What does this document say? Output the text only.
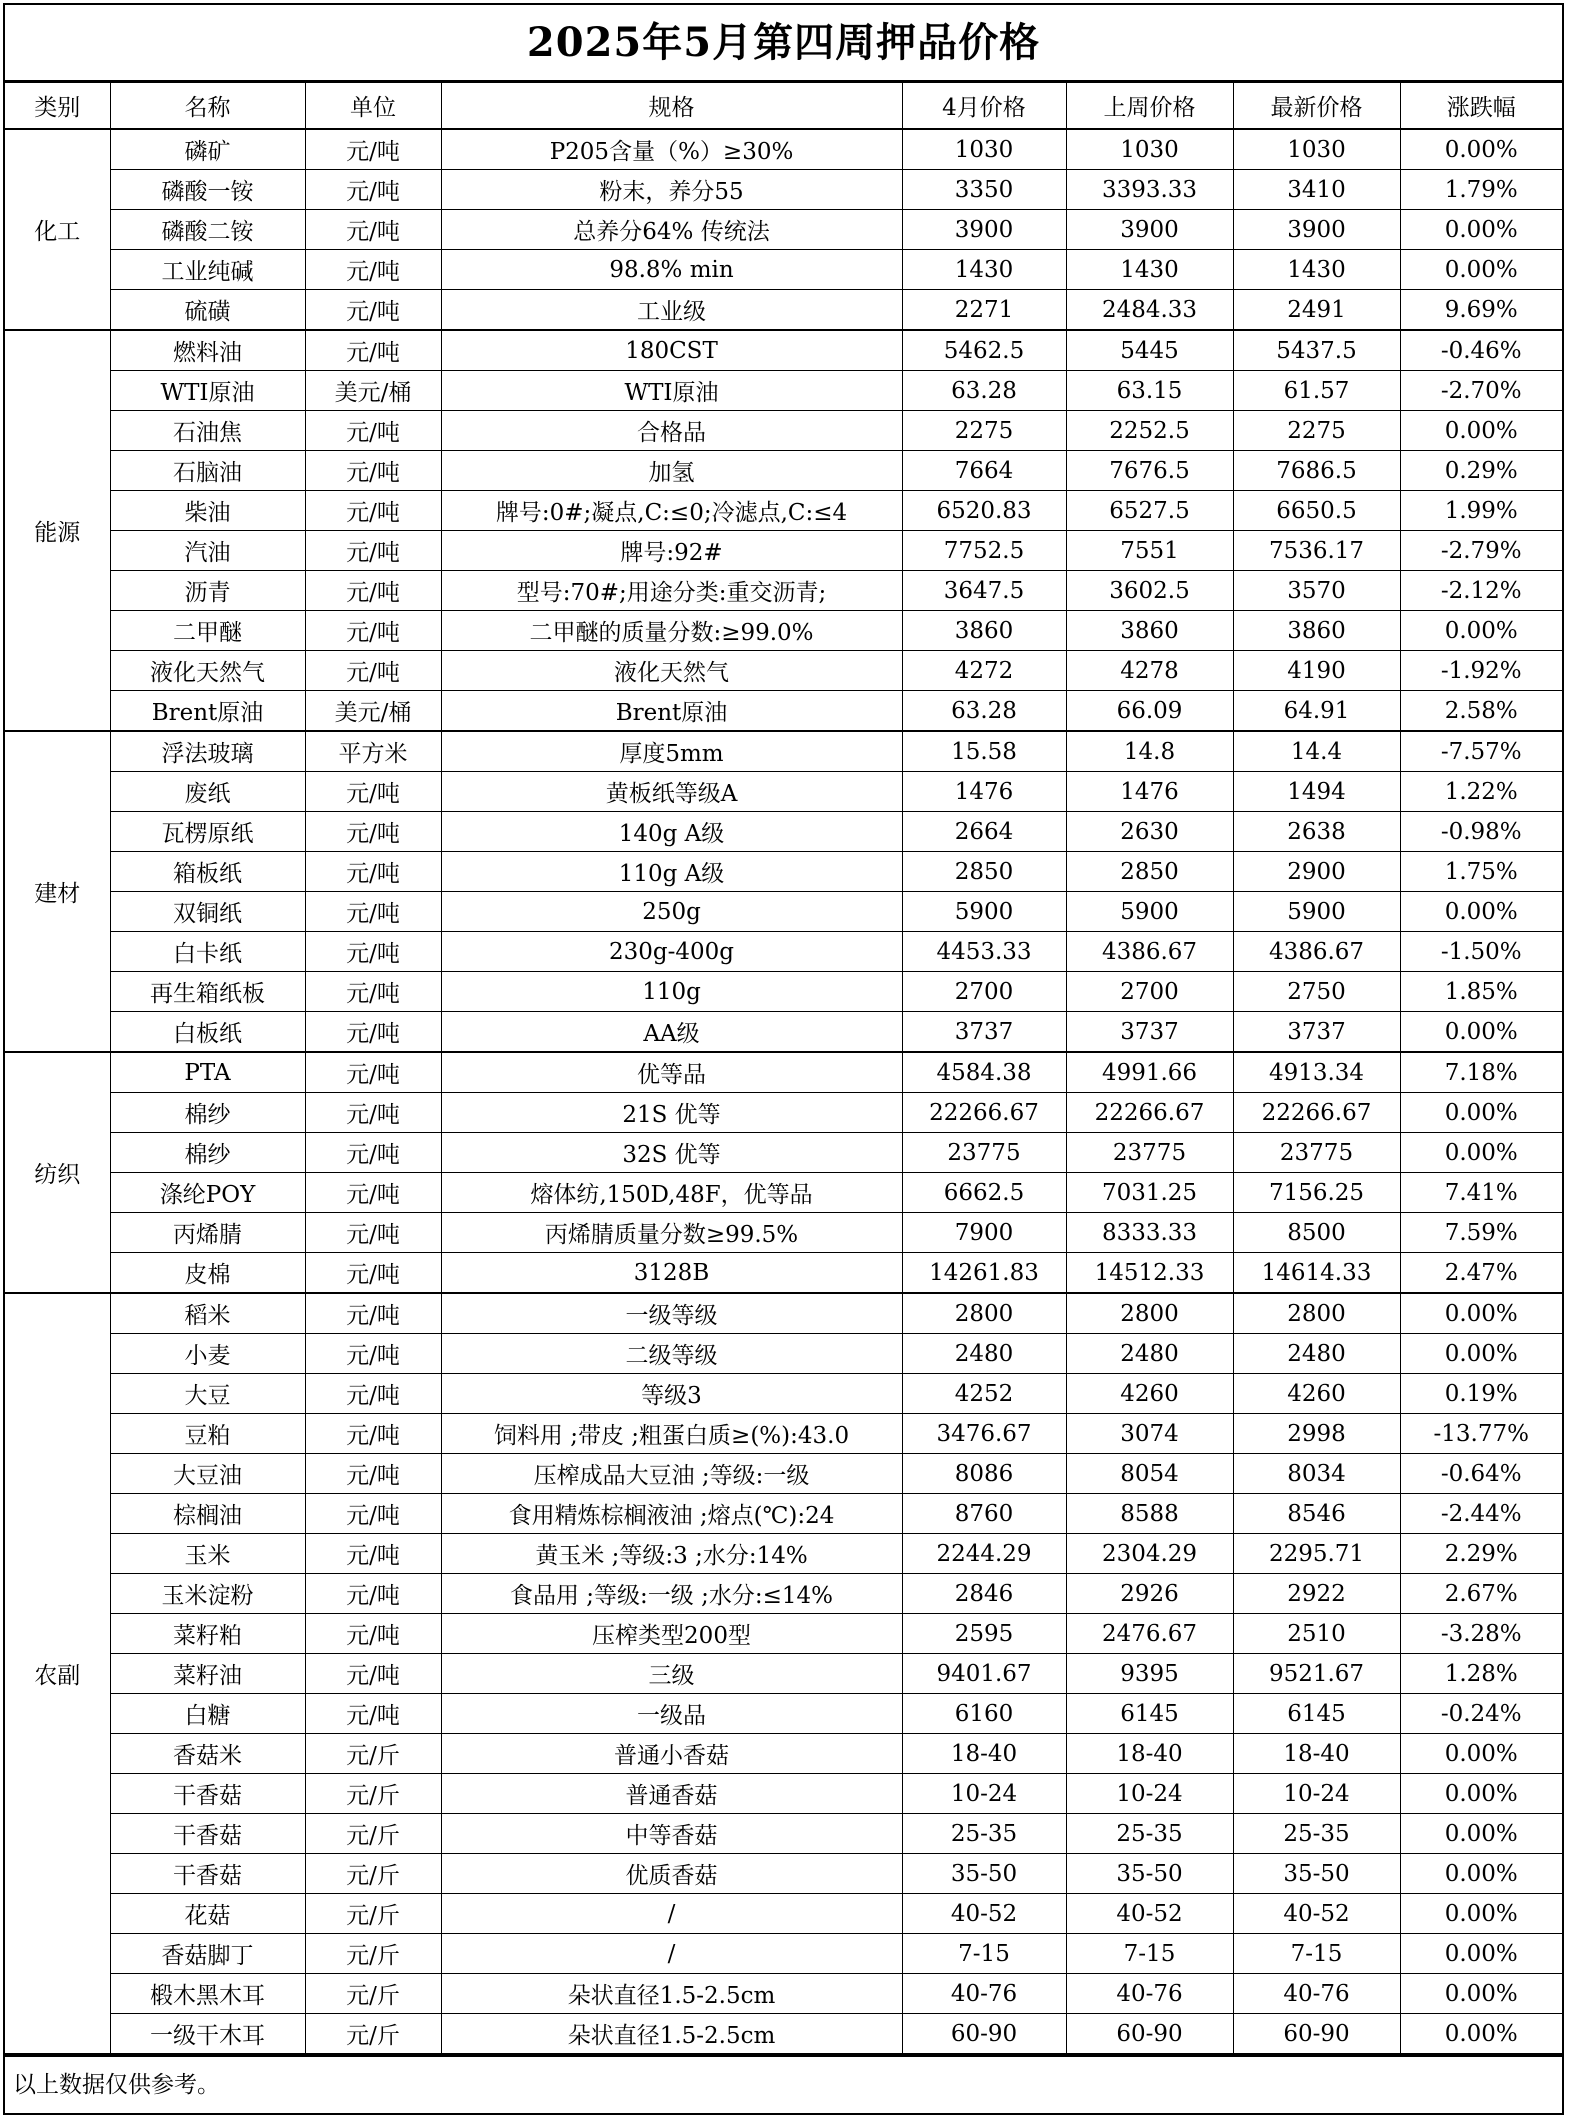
2025年5月第四周押品价格
类别	名称	单位	规格	4月价格	上周价格	最新价格	涨跌幅
化工	磷矿	元/吨	P205含量（%）≥30%	1030	1030	1030	0.00%
	磷酸一铵	元/吨	粉末，养分55	3350	3393.33	3410	1.79%
	磷酸二铵	元/吨	总养分64% 传统法	3900	3900	3900	0.00%
	工业纯碱	元/吨	98.8% min	1430	1430	1430	0.00%
	硫磺	元/吨	工业级	2271	2484.33	2491	9.69%
能源	燃料油	元/吨	180CST	5462.5	5445	5437.5	-0.46%
	WTI原油	美元/桶	WTI原油	63.28	63.15	61.57	-2.70%
	石油焦	元/吨	合格品	2275	2252.5	2275	0.00%
	石脑油	元/吨	加氢	7664	7676.5	7686.5	0.29%
	柴油	元/吨	牌号:0#;凝点,C:≤0;冷滤点,C:≤4	6520.83	6527.5	6650.5	1.99%
	汽油	元/吨	牌号:92#	7752.5	7551	7536.17	-2.79%
	沥青	元/吨	型号:70#;用途分类:重交沥青;	3647.5	3602.5	3570	-2.12%
	二甲醚	元/吨	二甲醚的质量分数:≥99.0%	3860	3860	3860	0.00%
	液化天然气	元/吨	液化天然气	4272	4278	4190	-1.92%
	Brent原油	美元/桶	Brent原油	63.28	66.09	64.91	2.58%
建材	浮法玻璃	平方米	厚度5mm	15.58	14.8	14.4	-7.57%
	废纸	元/吨	黄板纸等级A	1476	1476	1494	1.22%
	瓦楞原纸	元/吨	140g A级	2664	2630	2638	-0.98%
	箱板纸	元/吨	110g A级	2850	2850	2900	1.75%
	双铜纸	元/吨	250g	5900	5900	5900	0.00%
	白卡纸	元/吨	230g-400g	4453.33	4386.67	4386.67	-1.50%
	再生箱纸板	元/吨	110g	2700	2700	2750	1.85%
	白板纸	元/吨	AA级	3737	3737	3737	0.00%
纺织	PTA	元/吨	优等品	4584.38	4991.66	4913.34	7.18%
	棉纱	元/吨	21S 优等	22266.67	22266.67	22266.67	0.00%
	棉纱	元/吨	32S 优等	23775	23775	23775	0.00%
	涤纶POY	元/吨	熔体纺,150D,48F，优等品	6662.5	7031.25	7156.25	7.41%
	丙烯腈	元/吨	丙烯腈质量分数≥99.5%	7900	8333.33	8500	7.59%
	皮棉	元/吨	3128B	14261.83	14512.33	14614.33	2.47%
农副	稻米	元/吨	一级等级	2800	2800	2800	0.00%
	小麦	元/吨	二级等级	2480	2480	2480	0.00%
	大豆	元/吨	等级3	4252	4260	4260	0.19%
	豆粕	元/吨	饲料用 ;带皮 ;粗蛋白质≥(%):43.0	3476.67	3074	2998	-13.77%
	大豆油	元/吨	压榨成品大豆油 ;等级:一级	8086	8054	8034	-0.64%
	棕榈油	元/吨	食用精炼棕榈液油 ;熔点(℃):24	8760	8588	8546	-2.44%
	玉米	元/吨	黄玉米 ;等级:3 ;水分:14%	2244.29	2304.29	2295.71	2.29%
	玉米淀粉	元/吨	食品用 ;等级:一级 ;水分:≤14%	2846	2926	2922	2.67%
	菜籽粕	元/吨	压榨类型200型	2595	2476.67	2510	-3.28%
	菜籽油	元/吨	三级	9401.67	9395	9521.67	1.28%
	白糖	元/吨	一级品	6160	6145	6145	-0.24%
	香菇米	元/斤	普通小香菇	18-40	18-40	18-40	0.00%
	干香菇	元/斤	普通香菇	10-24	10-24	10-24	0.00%
	干香菇	元/斤	中等香菇	25-35	25-35	25-35	0.00%
	干香菇	元/斤	优质香菇	35-50	35-50	35-50	0.00%
	花菇	元/斤	/	40-52	40-52	40-52	0.00%
	香菇脚丁	元/斤	/	7-15	7-15	7-15	0.00%
	椴木黑木耳	元/斤	朵状直径1.5-2.5cm	40-76	40-76	40-76	0.00%
	一级干木耳	元/斤	朵状直径1.5-2.5cm	60-90	60-90	60-90	0.00%
以上数据仅供参考。
